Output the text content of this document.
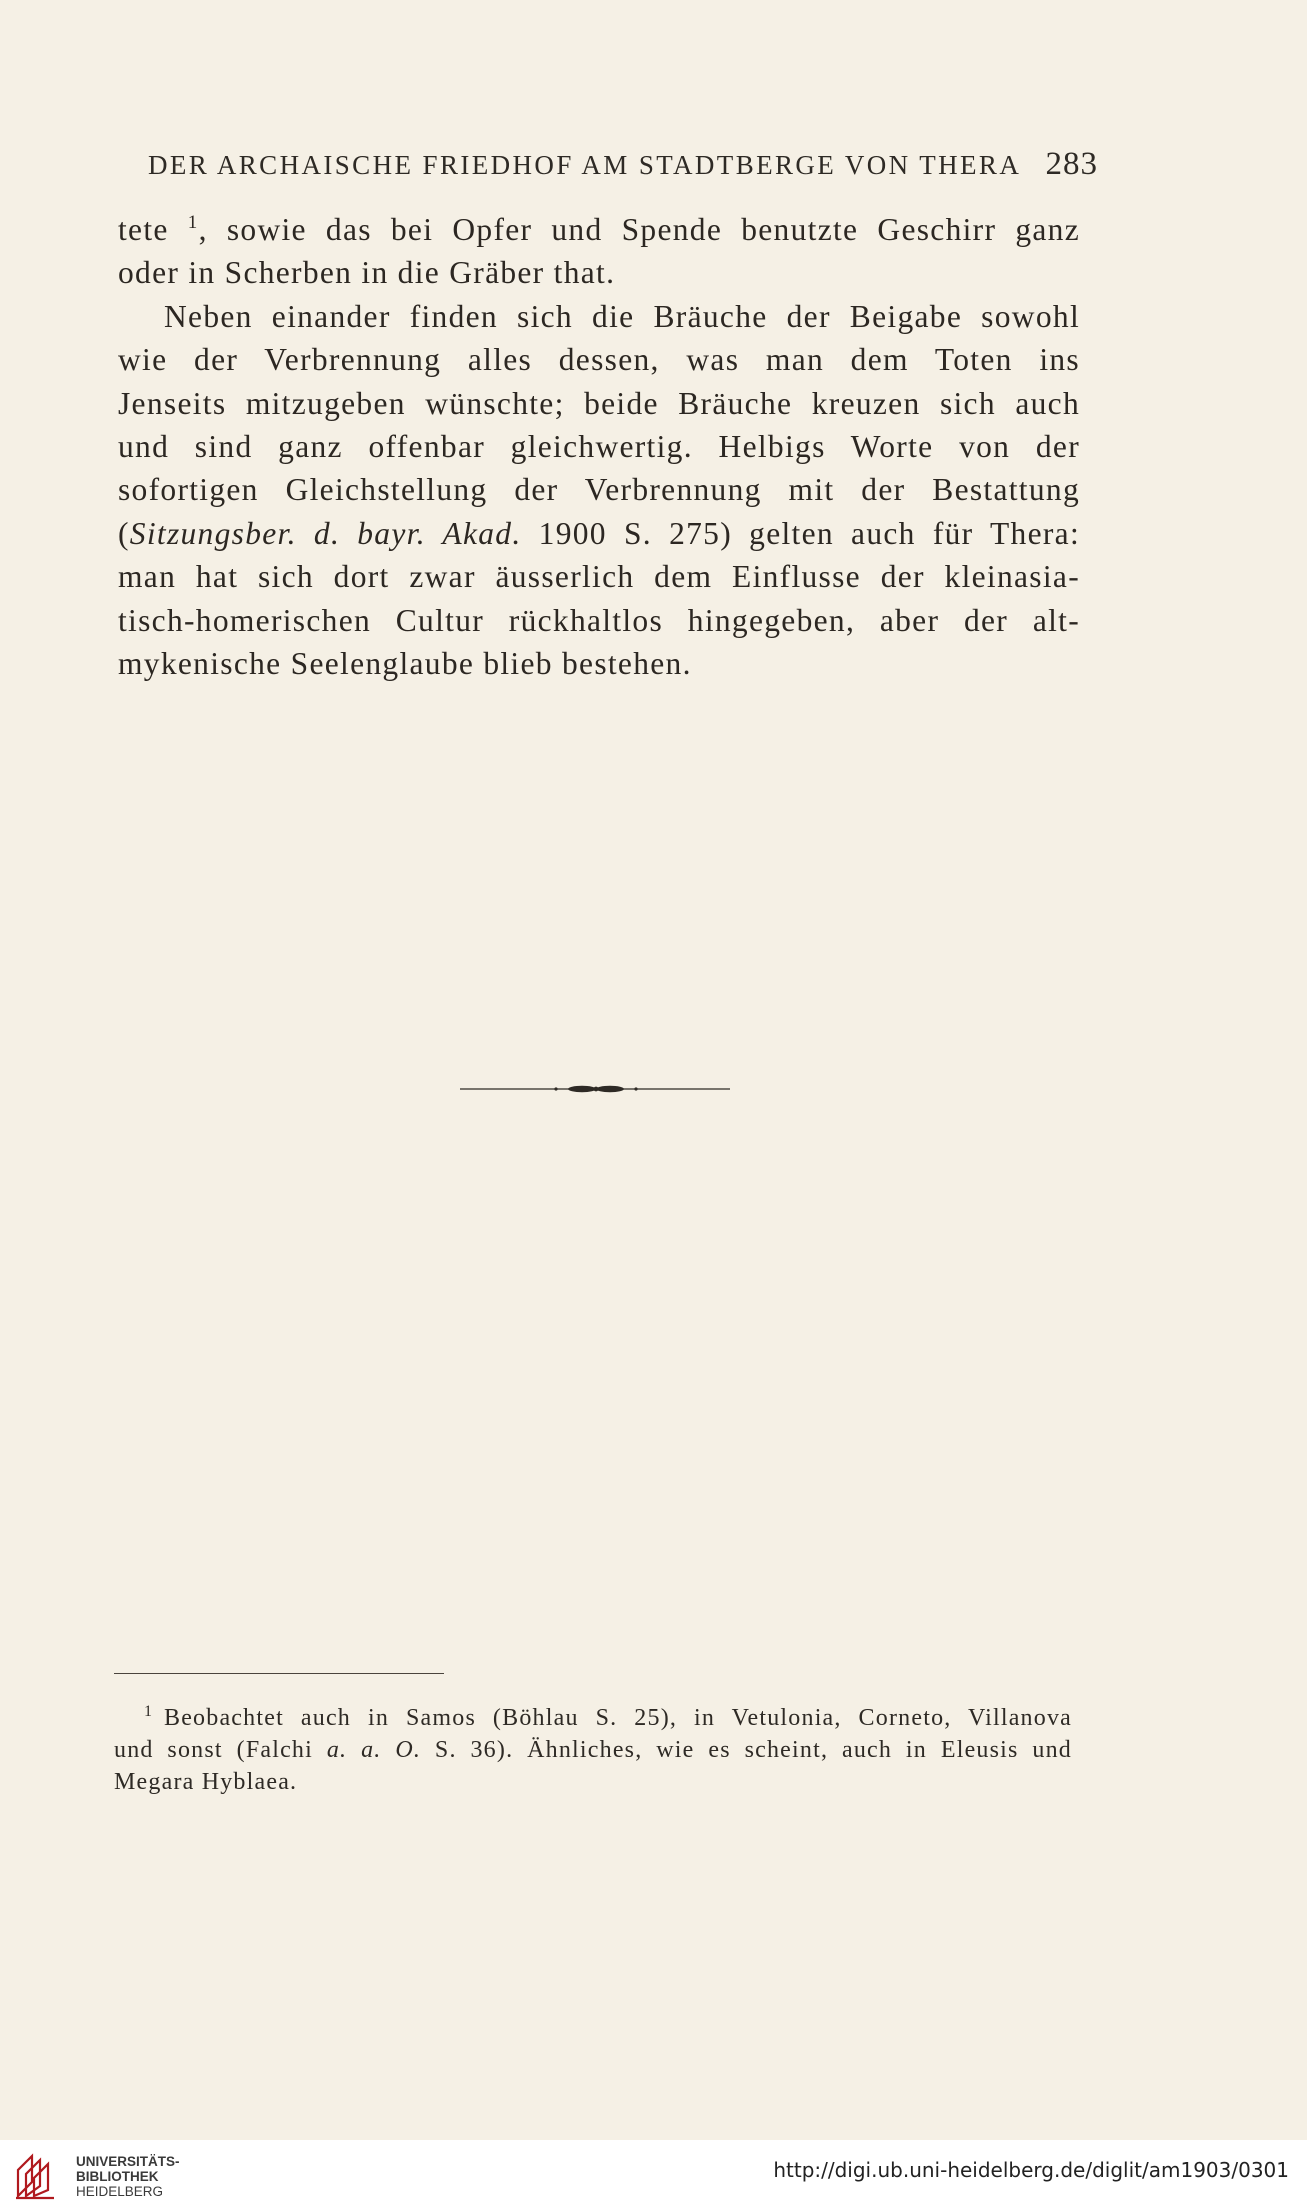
DER ARCHAISCHE FRIEDHOF AM STADTBERGE VON THERA 283
tete $^1$, sowie das bei Opfer und Spende benutzte Geschirr ganz
oder in Scherben in die Gräber that.
Neben einander finden sich die Bräuche der Beigabe sowohl
wie der Verbrennung alles dessen, was man dem Toten ins
Jenseits mitzugeben wünschte; beide Bräuche kreuzen sich auch
und sind ganz offenbar gleichwertig. Helbigs Worte von der
sofortigen Gleichstellung der Verbrennung mit der Bestattung
(Sitzungsber. d. bayr. Akad. 1900 S. 275) gelten auch für Thera:
man hat sich dort zwar äusserlich dem Einflusse der kleinasia-
tisch-homerischen Cultur rückhaltlos hingegeben, aber der alt-
mykenische Seelenglaube blieb bestehen.
1 Beobachtet auch in Samos (Böhlau S. 25), in Vetulonia, Corneto, Villanova
und sonst (Falchi a. a. O. S. 36). Ähnliches, wie es scheint, auch in Eleusis und
Megara Hyblaea.
UNIVERSITÄTS-
BIBLIOTHEK
HEIDELBERG
http://digi.ub.uni-heidelberg.de/diglit/am1903/0301
